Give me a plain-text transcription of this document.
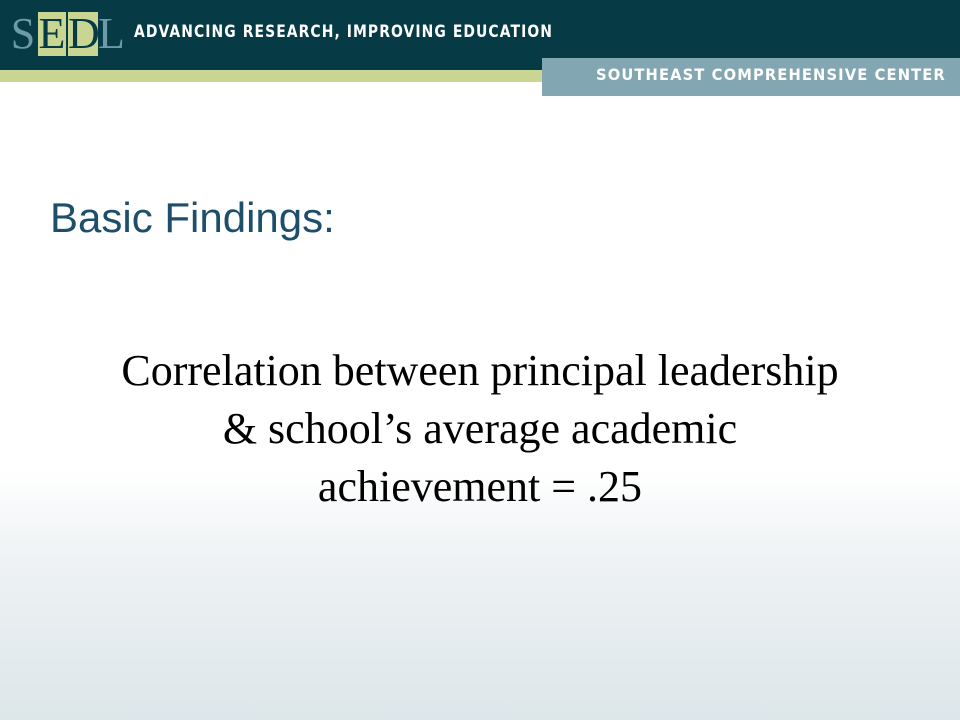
S E D
L ADVANCING RESEARCH, IMPROVING EDUCATION
SOUTHEAST COMPREHENSIVE CENTER
Basic Findings:
Correlation between principal leadership
& school’s average academic
achievement = .25
